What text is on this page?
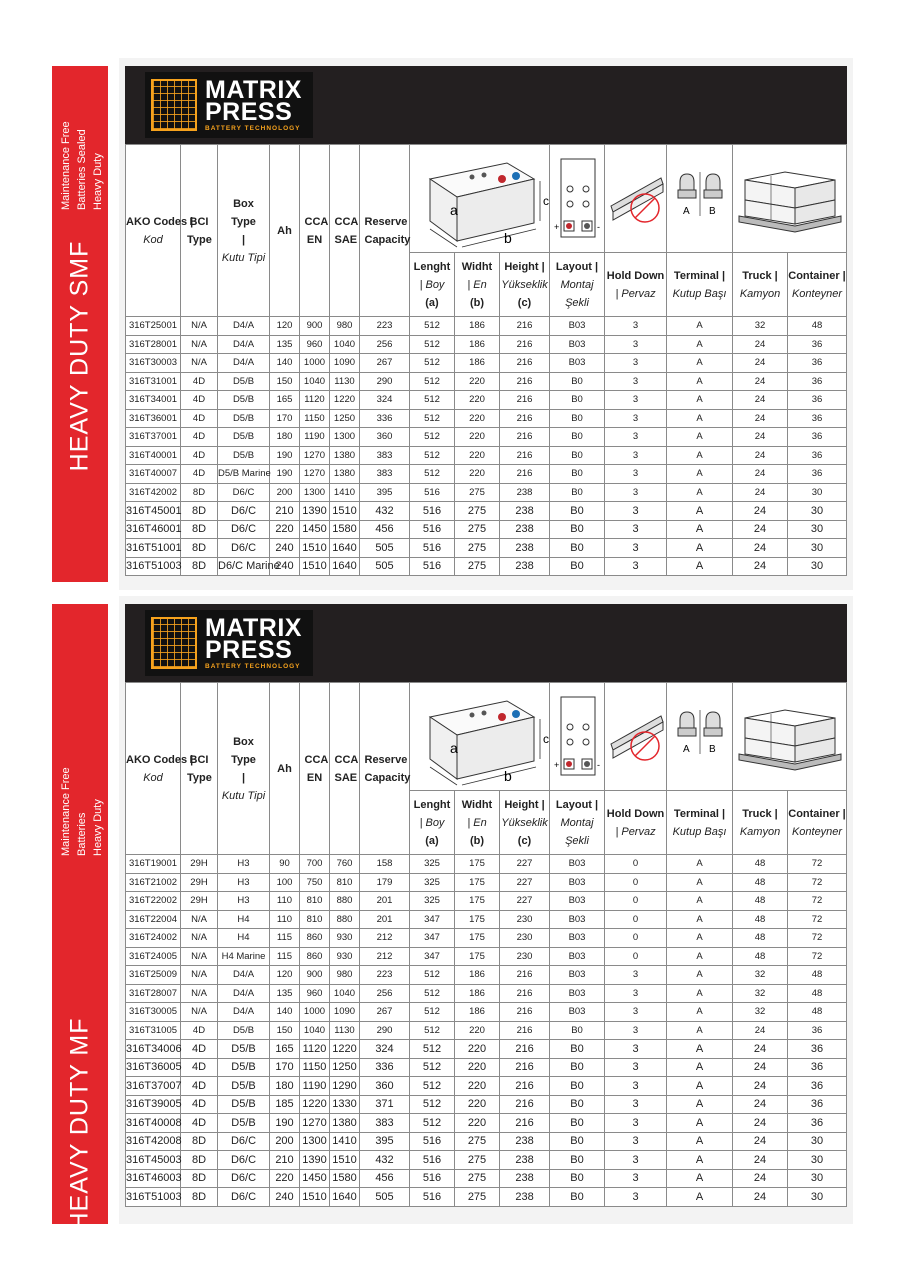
HEAVY DUTY SMF
Maintenance Free Batteries Sealed Heavy Duty
HEAVY DUTY MF
Maintenance Free Batteries Heavy Duty
MATRIX
PRESS
BATTERY TECHNOLOGY
AKO Codes |
Kod	BCI Type	Box Type |
Kutu Tipi	Ah	CCA EN	CCA SAE	Reserve Capacity	c
a
b			+ -		A B

							Lenght
| Boy
(a)	Widht
| En
(b)	Height |
Yükseklik
(c)	Layout |
Montaj Şekli	Hold Down
| Pervaz	Terminal |
Kutup Başı	Truck |
Kamyon	Container |
Konteyner

316T25001	N/A	D4/A	120	900	980	223	512	186	216	B03	3	A	32	48
316T28001	N/A	D4/A	135	960	1040	256	512	186	216	B03	3	A	24	36
316T30003	N/A	D4/A	140	1000	1090	267	512	186	216	B03	3	A	24	36
316T31001	4D	D5/B	150	1040	1130	290	512	220	216	B0	3	A	24	36
316T34001	4D	D5/B	165	1120	1220	324	512	220	216	B0	3	A	24	36
316T36001	4D	D5/B	170	1150	1250	336	512	220	216	B0	3	A	24	36
316T37001	4D	D5/B	180	1190	1300	360	512	220	216	B0	3	A	24	36
316T40001	4D	D5/B	190	1270	1380	383	512	220	216	B0	3	A	24	36
316T40007	4D	D5/B Marine	190	1270	1380	383	512	220	216	B0	3	A	24	36
316T42002	8D	D6/C	200	1300	1410	395	516	275	238	B0	3	A	24	30
316T45001	8D	D6/C	210	1390	1510	432	516	275	238	B0	3	A	24	30
316T46001	8D	D6/C	220	1450	1580	456	516	275	238	B0	3	A	24	30
316T51001	8D	D6/C	240	1510	1640	505	516	275	238	B0	3	A	24	30
316T51003	8D	D6/C Marine	240	1510	1640	505	516	275	238	B0	3	A	24	30
MATRIX
PRESS
BATTERY TECHNOLOGY
AKO Codes |
Kod	BCI Type	Box Type |
Kutu Tipi	Ah	CCA EN	CCA SAE	Reserve Capacity	c
a
b			+ -		A B

							Lenght
| Boy
(a)	Widht
| En
(b)	Height |
Yükseklik
(c)	Layout |
Montaj Şekli	Hold Down
| Pervaz	Terminal |
Kutup Başı	Truck |
Kamyon	Container |
Konteyner

316T19001	29H	H3	90	700	760	158	325	175	227	B03	0	A	48	72
316T21002	29H	H3	100	750	810	179	325	175	227	B03	0	A	48	72
316T22002	29H	H3	110	810	880	201	325	175	227	B03	0	A	48	72
316T22004	N/A	H4	110	810	880	201	347	175	230	B03	0	A	48	72
316T24002	N/A	H4	115	860	930	212	347	175	230	B03	0	A	48	72
316T24005	N/A	H4 Marine	115	860	930	212	347	175	230	B03	0	A	48	72
316T25009	N/A	D4/A	120	900	980	223	512	186	216	B03	3	A	32	48
316T28007	N/A	D4/A	135	960	1040	256	512	186	216	B03	3	A	32	48
316T30005	N/A	D4/A	140	1000	1090	267	512	186	216	B03	3	A	32	48
316T31005	4D	D5/B	150	1040	1130	290	512	220	216	B0	3	A	24	36
316T34006	4D	D5/B	165	1120	1220	324	512	220	216	B0	3	A	24	36
316T36005	4D	D5/B	170	1150	1250	336	512	220	216	B0	3	A	24	36
316T37007	4D	D5/B	180	1190	1290	360	512	220	216	B0	3	A	24	36
316T39005	4D	D5/B	185	1220	1330	371	512	220	216	B0	3	A	24	36
316T40008	4D	D5/B	190	1270	1380	383	512	220	216	B0	3	A	24	36
316T42008	8D	D6/C	200	1300	1410	395	516	275	238	B0	3	A	24	30
316T45003	8D	D6/C	210	1390	1510	432	516	275	238	B0	3	A	24	30
316T46003	8D	D6/C	220	1450	1580	456	516	275	238	B0	3	A	24	30
316T51003	8D	D6/C	240	1510	1640	505	516	275	238	B0	3	A	24	30
